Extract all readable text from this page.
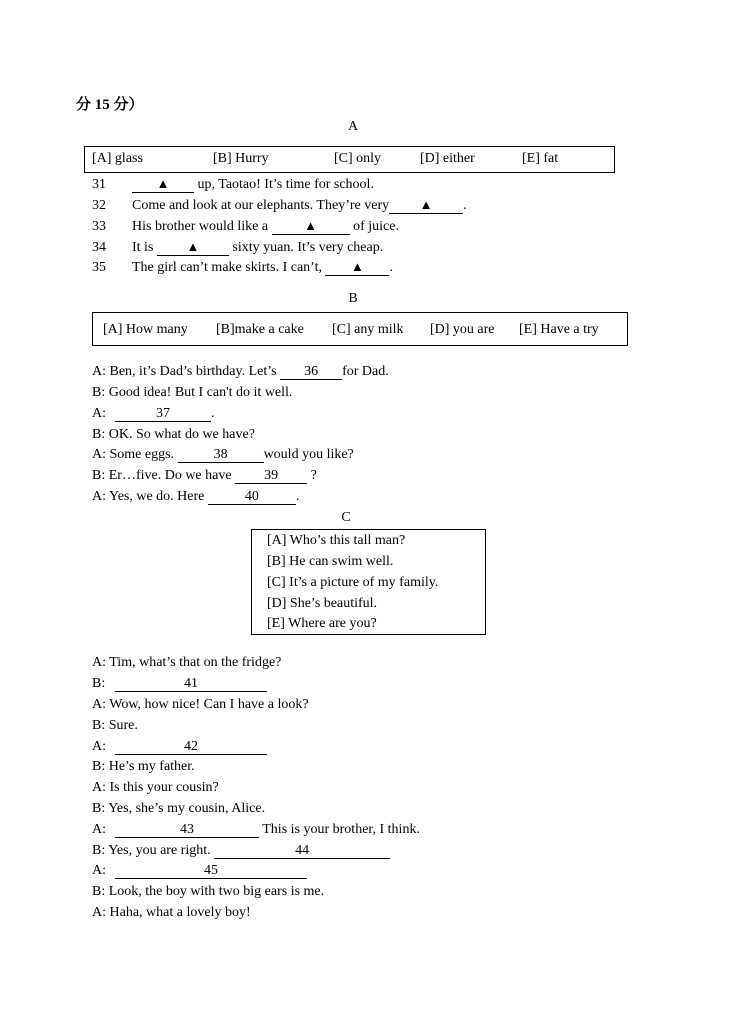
分 15 分）
A
[A] glass	[B] Hurry	[C] only	[D] either	[E] fat
31	▲ up, Taotao! It’s time for school.
32 Come and look at our elephants. They’re very ▲ .
33 His brother would like a	▲ of juice.
34 It is ▲ sixty yuan. It’s very cheap.
35 The girl can’t make skirts. I can’t, ▲ .
B
[A] How many [B]make a cake [C] any milk [D] you are [E] Have a try
A: Ben, it’s Dad’s birthday. Let’s 36 for Dad.
B: Good idea! But I can't do it well.
A:	37	.
B: OK. So what do we have?
A: Some eggs.	38	would you like?
B: Er…five. Do we have 39 ?
A: Yes, we do. Here	40	.
C
[A] Who’s this tall man?
[B] He can swim well.
[C] It’s a picture of my family.
[D] She’s beautiful.
[E] Where are you?
A: Tim, what’s that on the fridge?
B:	41
A: Wow, how nice! Can I have a look?
B: Sure.
A:	42
B: He’s my father.
A: Is this your cousin?
B: Yes, she’s my cousin, Alice.
A:	43	This is your brother, I think.
B: Yes, you are right.	44
A:	45
B: Look, the boy with two big ears is me.
A: Haha, what a lovely boy!
